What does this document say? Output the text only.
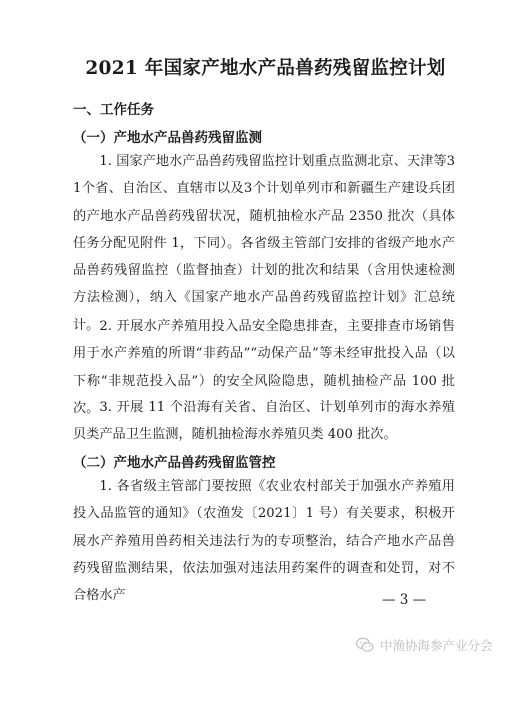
2021 年国家产地水产品兽药残留监控计划
一、工作任务
（一）产地水产品兽药残留监测
1. 国家产地水产品兽药残留监控计划重点监测北京、天津等31个省、自治区、直辖市以及3个计划单列市和新疆生产建设兵团的产地水产品兽药残留状况，随机抽检水产品 2350 批次（具体任务分配见附件 1，下同）。各省级主管部门安排的省级产地水产品兽药残留监控（监督抽查）计划的批次和结果（含用快速检测方法检测），纳入《国家产地水产品兽药残留监控计划》汇总统计。 2. 开展水产养殖用投入品安全隐患排查，主要排查市场销售用于水产养殖的所谓“非药品”“动保产品”等未经审批投入品（以下称“非规范投入品”）的安全风险隐患，随机抽检产品 100 批次。 3. 开展 11 个沿海有关省、自治区、计划单列市的海水养殖贝类产品卫生监测，随机抽检海水养殖贝类 400 批次。
（二）产地水产品兽药残留监管控
1. 各省级主管部门要按照《农业农村部关于加强水产养殖用投入品监管的通知》（农渔发〔2021〕1 号）有关要求，积极开展水产养殖用兽药相关违法行为的专项整治，结合产地水产品兽药残留监测结果，依法加强对违法用药案件的调查和处罚，对不合格水产	— 3 —
中渔协海参产业分会
